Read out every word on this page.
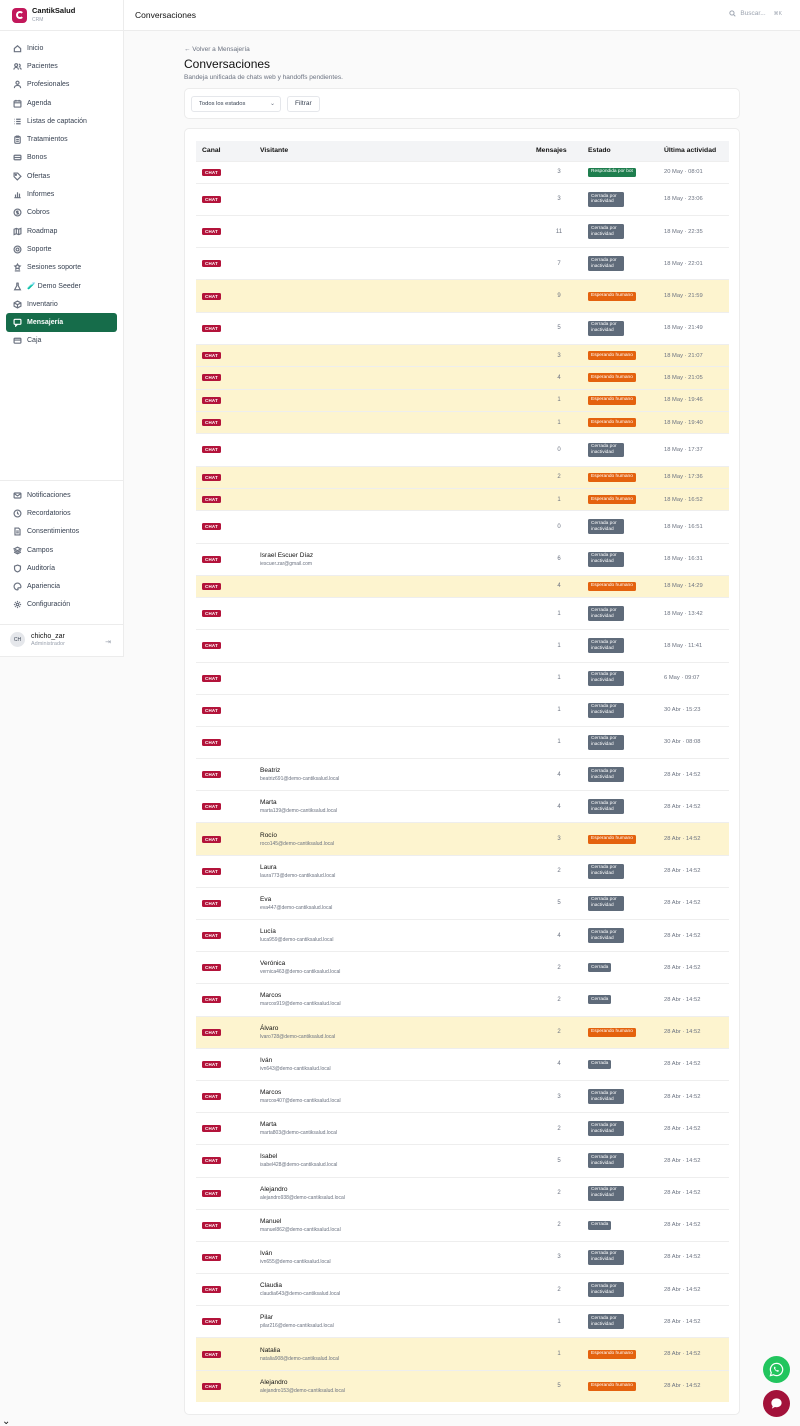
CantikSalud
CRM
Inicio
Pacientes
Profesionales
Agenda
Listas de captación
Tratamientos
Bonos
Ofertas
Informes
Cobros
Roadmap
Soporte
Sesiones soporte
🧪 Demo Seeder
Inventario
Mensajería
Caja
Notificaciones
Recordatorios
Consentimientos
Campos
Auditoría
Apariencia
Configuración
CH	chicho_zar
Administrador	⇥
Conversaciones	Buscar... ⌘K
← Volver a Mensajería
Conversaciones
Bandeja unificada de chats web y handoffs pendientes.
Todos los estados	⌄	Filtrar
Canal	Visitante	Mensajes	Estado	Última actividad
CHAT		3	Respondida por bot	20 May · 08:01
CHAT		3	Cerrada por inactividad	18 May · 23:06
CHAT		11	Cerrada por inactividad	18 May · 22:35
CHAT		7	Cerrada por inactividad	18 May · 22:01
CHAT		9	Esperando humano	18 May · 21:59
CHAT		5	Cerrada por inactividad	18 May · 21:49
CHAT		3	Esperando humano	18 May · 21:07
CHAT		4	Esperando humano	18 May · 21:05
CHAT		1	Esperando humano	18 May · 19:46
CHAT		1	Esperando humano	18 May · 19:40
CHAT		0	Cerrada por inactividad	18 May · 17:37
CHAT		2	Esperando humano	18 May · 17:36
CHAT		1	Esperando humano	18 May · 16:52
CHAT		0	Cerrada por inactividad	18 May · 16:51
CHAT	Israel Escuer Díaz
iescuer.zar@gmail.com	6	Cerrada por inactividad	18 May · 16:31
CHAT		4	Esperando humano	18 May · 14:29
CHAT		1	Cerrada por inactividad	18 May · 13:42
CHAT		1	Cerrada por inactividad	18 May · 11:41
CHAT		1	Cerrada por inactividad	6 May · 09:07
CHAT		1	Cerrada por inactividad	30 Abr · 15:23
CHAT		1	Cerrada por inactividad	30 Abr · 08:08
CHAT	Beatriz
beatriz691@demo-cantiksalud.local	4	Cerrada por inactividad	28 Abr · 14:52
CHAT	Marta
marta139@demo-cantiksalud.local	4	Cerrada por inactividad	28 Abr · 14:52
CHAT	Rocío
roco145@demo-cantiksalud.local	3	Esperando humano	28 Abr · 14:52
CHAT	Laura
laura773@demo-cantiksalud.local	2	Cerrada por inactividad	28 Abr · 14:52
CHAT	Eva
eva447@demo-cantiksalud.local	5	Cerrada por inactividad	28 Abr · 14:52
CHAT	Lucía
luca959@demo-cantiksalud.local	4	Cerrada por inactividad	28 Abr · 14:52
CHAT	Verónica
vernica463@demo-cantiksalud.local	2	Cerrada	28 Abr · 14:52
CHAT	Marcos
marcos919@demo-cantiksalud.local	2	Cerrada	28 Abr · 14:52
CHAT	Álvaro
lvaro728@demo-cantiksalud.local	2	Esperando humano	28 Abr · 14:52
CHAT	Iván
ivn643@demo-cantiksalud.local	4	Cerrada	28 Abr · 14:52
CHAT	Marcos
marcos407@demo-cantiksalud.local	3	Cerrada por inactividad	28 Abr · 14:52
CHAT	Marta
marta803@demo-cantiksalud.local	2	Cerrada por inactividad	28 Abr · 14:52
CHAT	Isabel
isabel428@demo-cantiksalud.local	5	Cerrada por inactividad	28 Abr · 14:52
CHAT	Alejandro
alejandro938@demo-cantiksalud.local	2	Cerrada por inactividad	28 Abr · 14:52
CHAT	Manuel
manuel862@demo-cantiksalud.local	2	Cerrada	28 Abr · 14:52
CHAT	Iván
ivn655@demo-cantiksalud.local	3	Cerrada por inactividad	28 Abr · 14:52
CHAT	Claudia
claudia643@demo-cantiksalud.local	2	Cerrada por inactividad	28 Abr · 14:52
CHAT	Pilar
pilar216@demo-cantiksalud.local	1	Cerrada por inactividad	28 Abr · 14:52
CHAT	Natalia
natalia908@demo-cantiksalud.local	1	Esperando humano	28 Abr · 14:52
CHAT	Alejandro
alejandro153@demo-cantiksalud.local	5	Esperando humano	28 Abr · 14:52
⌄
